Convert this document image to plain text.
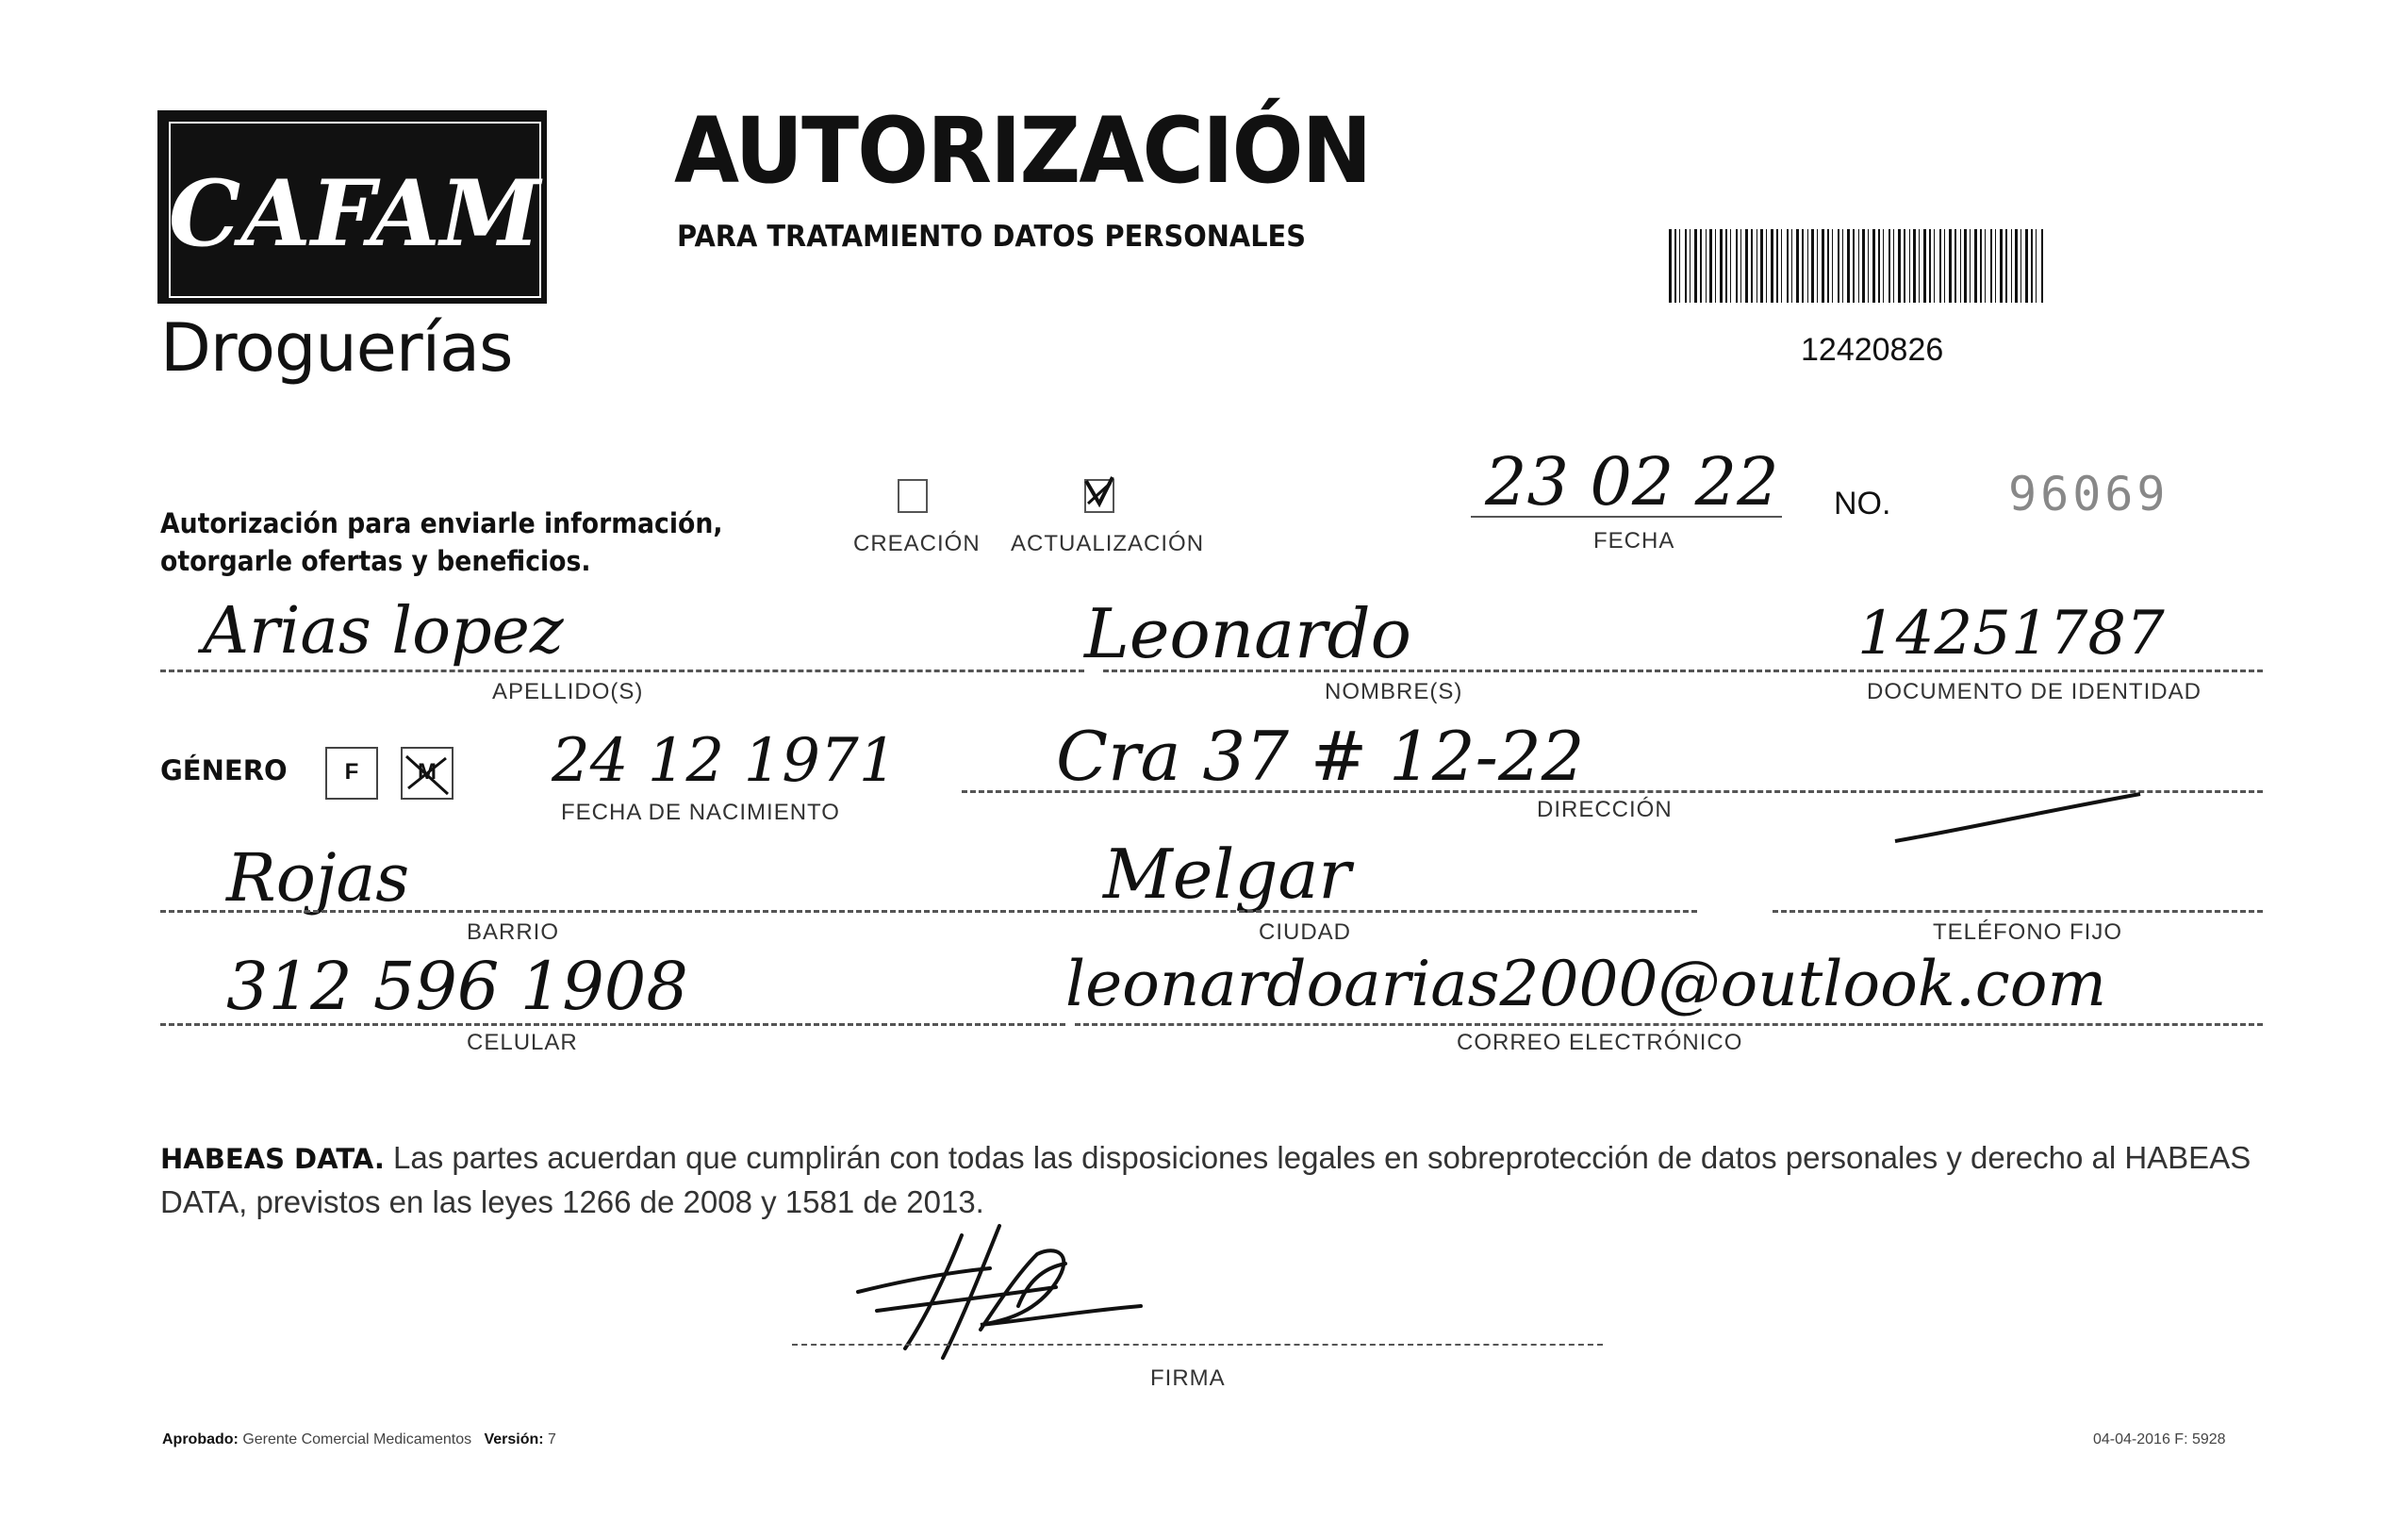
CAFAM
Droguerías
AUTORIZACIÓN
PARA TRATAMIENTO DATOS PERSONALES
12420826
Autorización para enviarle información,
otorgarle ofertas y beneficios.
CREACIÓN ACTUALIZACIÓN
23 02 22
FECHA
NO. 96069
Arias lopez
APELLIDO(S)
Leonardo
NOMBRE(S)
14251787
DOCUMENTO DE IDENTIDAD
GÉNERO	F	M 24 12 1971
FECHA DE NACIMIENTO
Cra 37 # 12-22
DIRECCIÓN
Rojas
BARRIO
Melgar
CIUDAD	TELÉFONO FIJO
312 596 1908
CELULAR
leonardoarias2000@outlook.com
CORREO ELECTRÓNICO
HABEAS DATA. Las partes acuerdan que cumplirán con todas las disposiciones legales en sobreprotección de datos personales y derecho al HABEAS DATA, previstos en las leyes 1266 de 2008 y 1581 de 2013.
FIRMA
Aprobado: Gerente Comercial Medicamentos Versión: 7	04-04-2016 F: 5928
